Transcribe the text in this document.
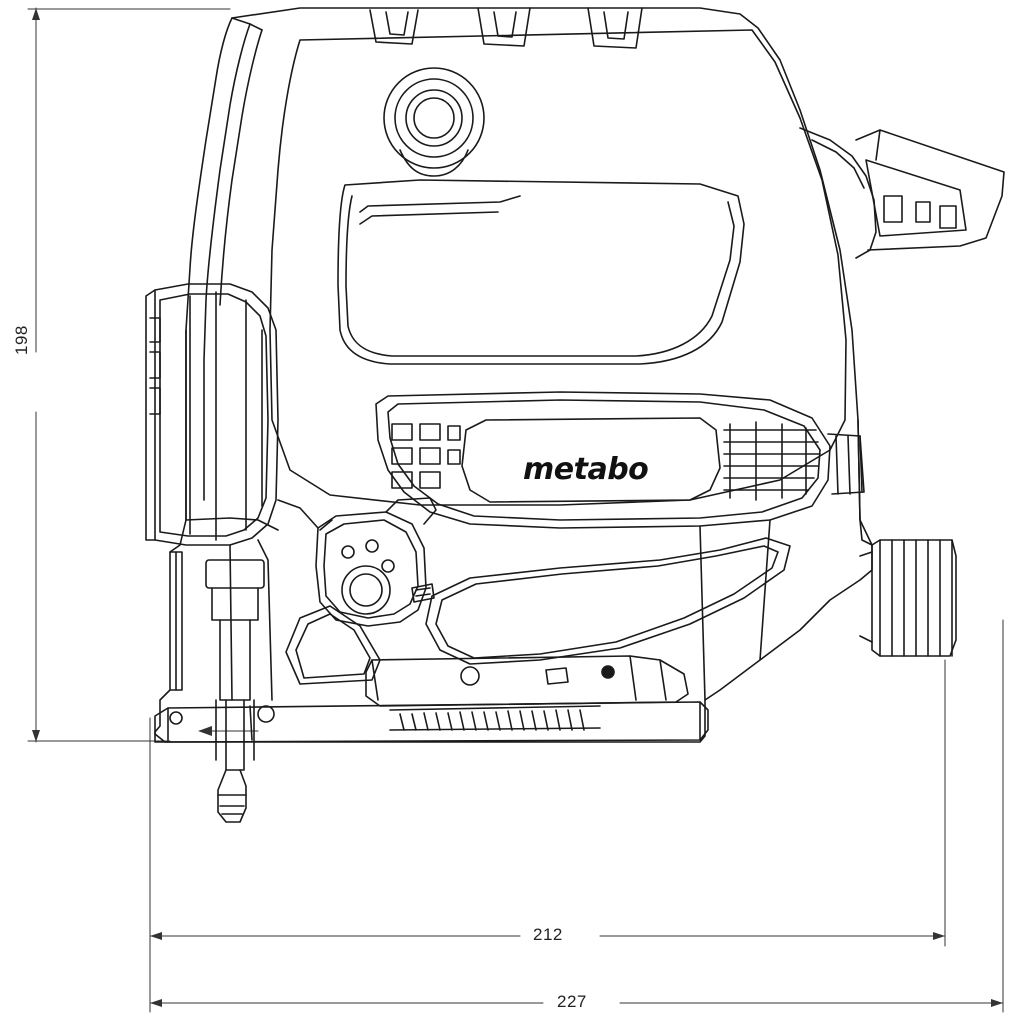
metabo
198
212
227
